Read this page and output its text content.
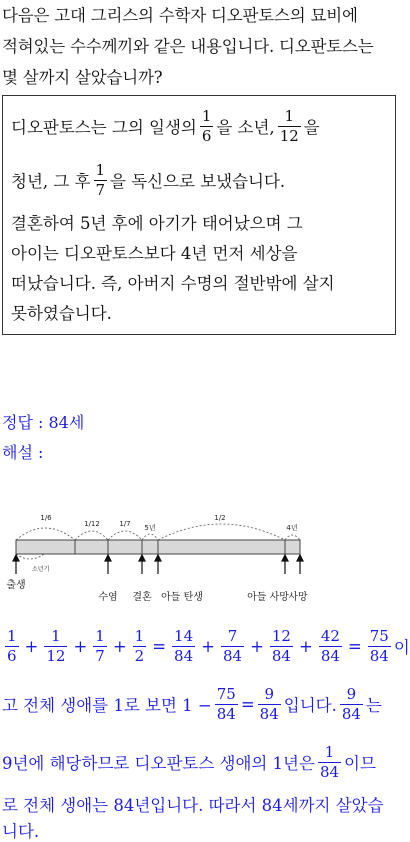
다음은 고대 그리스의 수학자 디오판토스의 묘비에
적혀있는 수수께끼와 같은 내용입니다. 디오판토스는
몇 살까지 살았습니까?
디오판토스는 그의 일생의 $\frac{1}{6}$ 을 소년, $\frac{1}{12}$ 을
청년, 그 후 $\frac{1}{7}$ 을 독신으로 보냈습니다.
결혼하여 5년 후에 아기가 태어났으며 그
아이는 디오판토스보다 4년 먼저 세상을
떠났습니다. 즉, 아버지 수명의 절반밖에 살지
못하였습니다.
정답 : 84세
해설 :
1/6
1/12	1/7 5년
1/2
4년
소년기
출생
수염 결혼 아들 탄생	아들 사망 사망
$\frac{1}{6} + \frac{1}{12} + \frac{1}{7} + \frac{1}{2} = \frac{14}{84} + \frac{7}{84} + \frac{12}{84} + \frac{42}{84} = \frac{75}{84}$ 이
고 전체 생애를 1로 보면 $1 - \frac{75}{84} = \frac{9}{84}$ 입니다. $\frac{9}{84}$ 는
9년에 해당하므로 디오판토스 생애의 1년은 $\frac{1}{84}$ 이므
로 전체 생애는 84년입니다. 따라서 84세까지 살았습
니다.
